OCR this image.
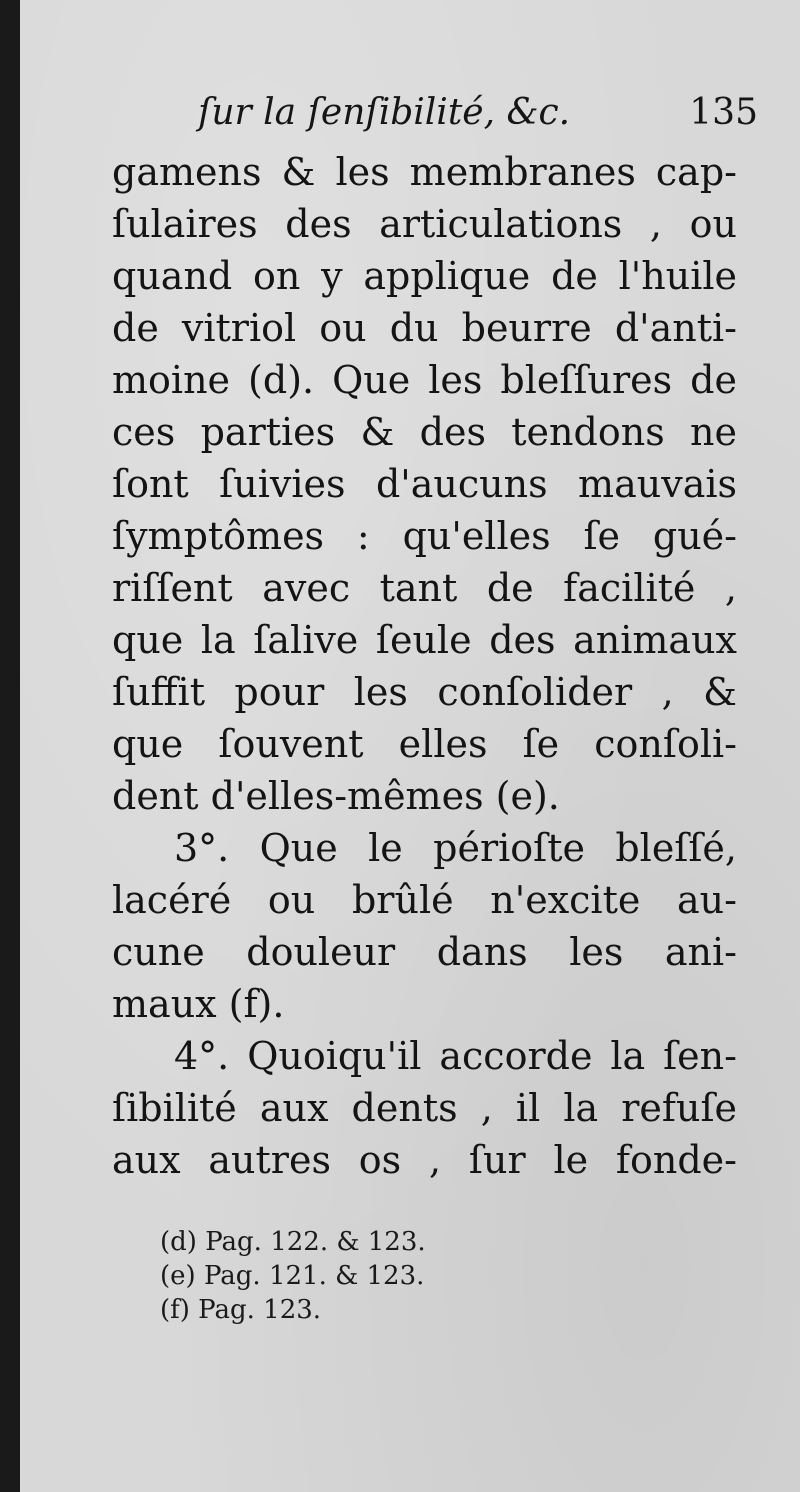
ſur la ſenſibilité, &c.	135
gamens & les membranes cap-
ſulaires des articulations , ou
quand on y applique de l'huile
de vitriol ou du beurre d'anti-
moine (d). Que les bleſſures de
ces parties & des tendons ne
ſont ſuivies d'aucuns mauvais
ſymptômes : qu'elles ſe gué-
riſſent avec tant de facilité ,
que la ſalive ſeule des animaux
ſuffit pour les conſolider , &
que ſouvent elles ſe conſoli-
dent d'elles-mêmes (e).
3°. Que le périoſte bleſſé,
lacéré ou brûlé n'excite au-
cune douleur dans les ani-
maux (f).
4°. Quoiqu'il accorde la ſen-
ſibilité aux dents , il la refuſe
aux autres os , ſur le fonde-
(d) Pag. 122. & 123.
(e) Pag. 121. & 123.
(f) Pag. 123.
